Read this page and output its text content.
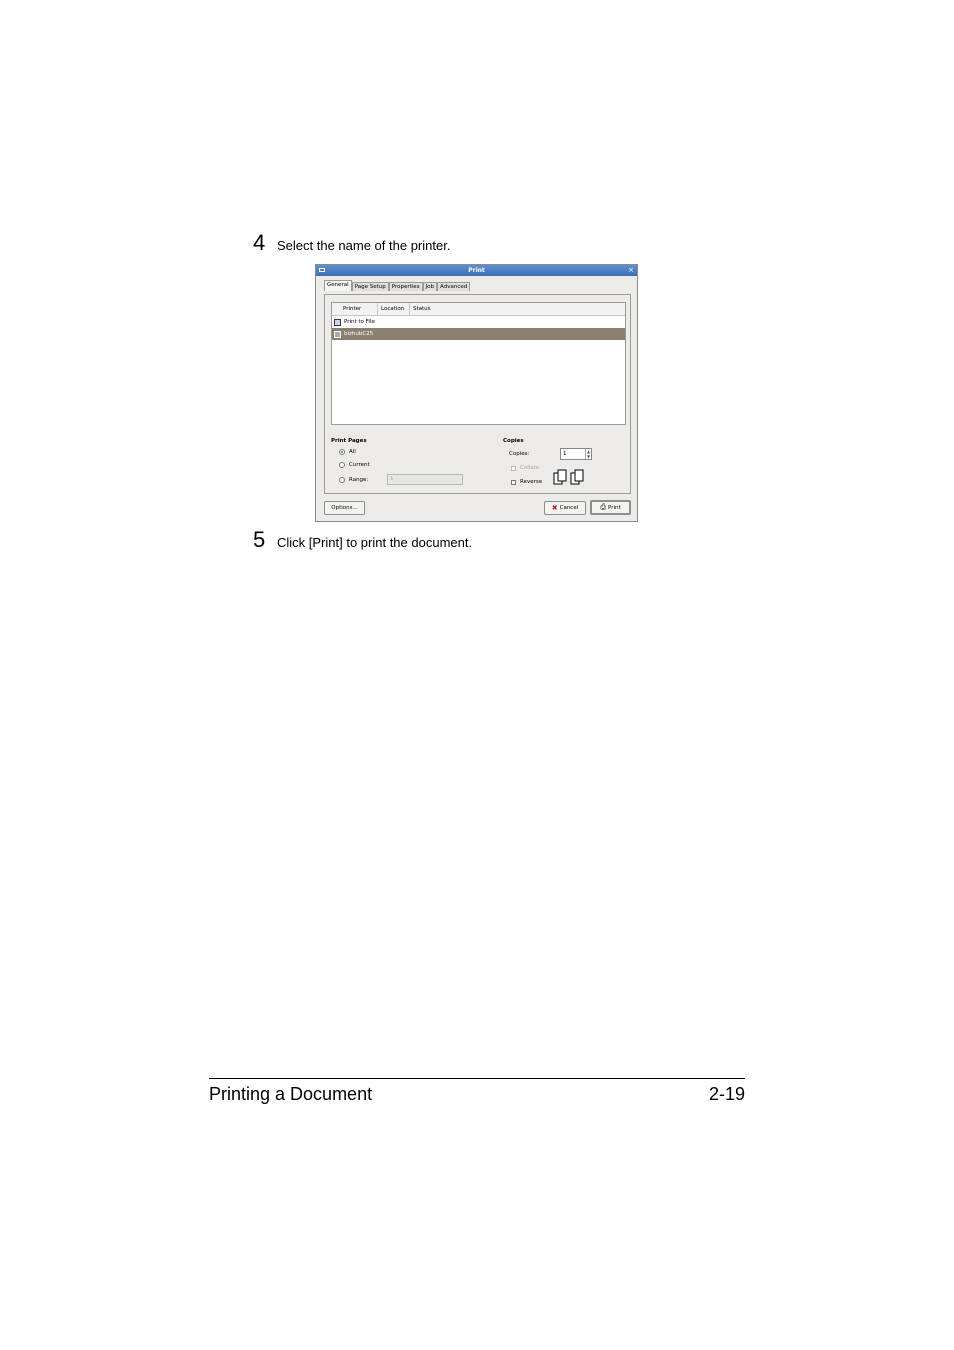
4 Select the name of the printer.
Print	×
General	Page Setup	Properties	Job	Advanced
Printer	Location	Status
Print to File
bizhubC25
Print Pages
All
Current
Range:	1
Copies
Copies:	1	▲
▼
Collate
Reverse
Options...	✖ Cancel	⎙ Print
5 Click [Print] to print the document.
Printing a Document	2-19
